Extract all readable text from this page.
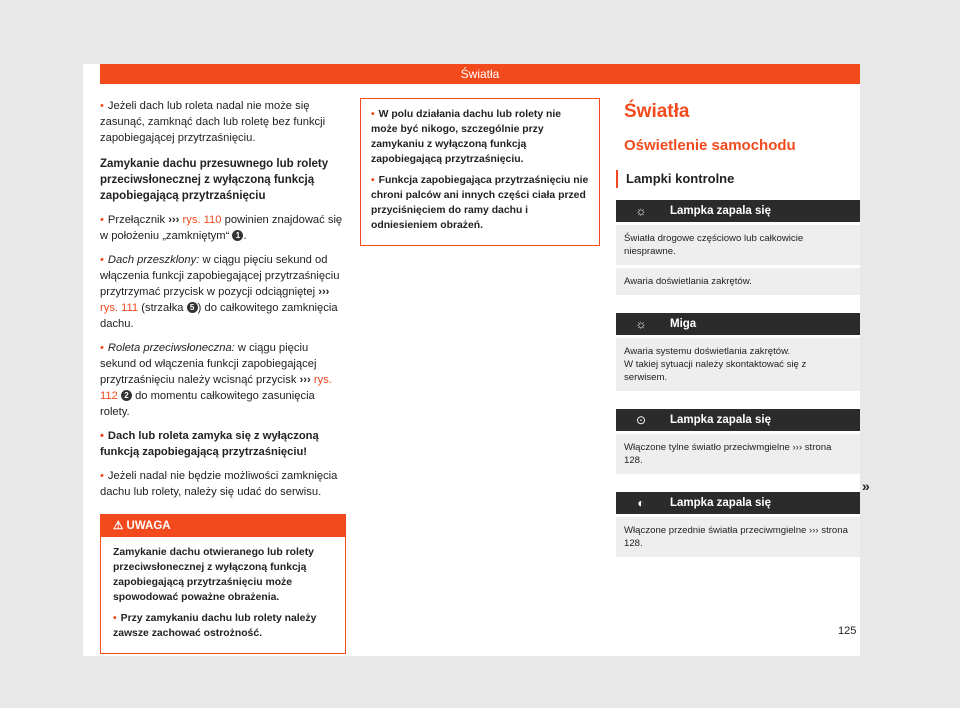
Światła

• Jeżeli dach lub roleta nadal nie może się zasunąć, zamknąć dach lub roletę bez funkcji zapobiegającej przytrzaśnięciu.

Zamykanie dachu przesuwnego lub rolety przeciwsłonecznej z wyłączoną funkcją zapobiegającą przytrzaśnięciu

• Przełącznik ››› rys. 110 powinien znajdować się w położeniu „zamkniętym“ 1 .

• Dach przeszklony: w ciągu pięciu sekund od włączenia funkcji zapobiegającej przytrzaśnięciu przytrzymać przycisk w pozycji odciągniętej ››› rys. 111 (strzałka 5 ) do całkowitego zamknięcia dachu.

• Roleta przeciwsłoneczna: w ciągu pięciu sekund od włączenia funkcji zapobiegającej przytrzaśnięciu należy wcisnąć przycisk ››› rys. 112 2 do momentu całkowitego zasunięcia rolety.

• Dach lub roleta zamyka się z wyłączoną funkcją zapobiegającą przytrzaśnięciu!

• Jeżeli nadal nie będzie możliwości zamknięcia dachu lub rolety, należy się udać do serwisu.

⚠ UWAGA

Zamykanie dachu otwieranego lub rolety przeciwsłonecznej z wyłączoną funkcją zapobiegającą przytrzaśnięciu może spowodować poważne obrażenia.

• Przy zamykaniu dachu lub rolety należy zawsze zachować ostrożność.

• W polu działania dachu lub rolety nie może być nikogo, szczególnie przy zamykaniu z wyłączoną funkcją zapobiegającą przytrzaśnięciu.

• Funkcja zapobiegająca przytrzaśnięciu nie chroni palców ani innych części ciała przed przyciśnięciem do ramy dachu i odniesieniem obrażeń.

Światła
Oświetlenie samochodu
Lampki kontrolne
☼	Lampka zapala się
Światła drogowe częściowo lub całkowicie niesprawne.
Awaria doświetlania zakrętów.
☼	Miga
Awaria systemu doświetlania zakrętów.
W takiej sytuacji należy skontaktować się z serwisem.
⊙	Lampka zapala się
Włączone tylne światło przeciwmgielne ››› strona 128.
◐	Lampka zapala się
Włączone przednie światła przeciwmgielne ››› strona 128.
»
125
